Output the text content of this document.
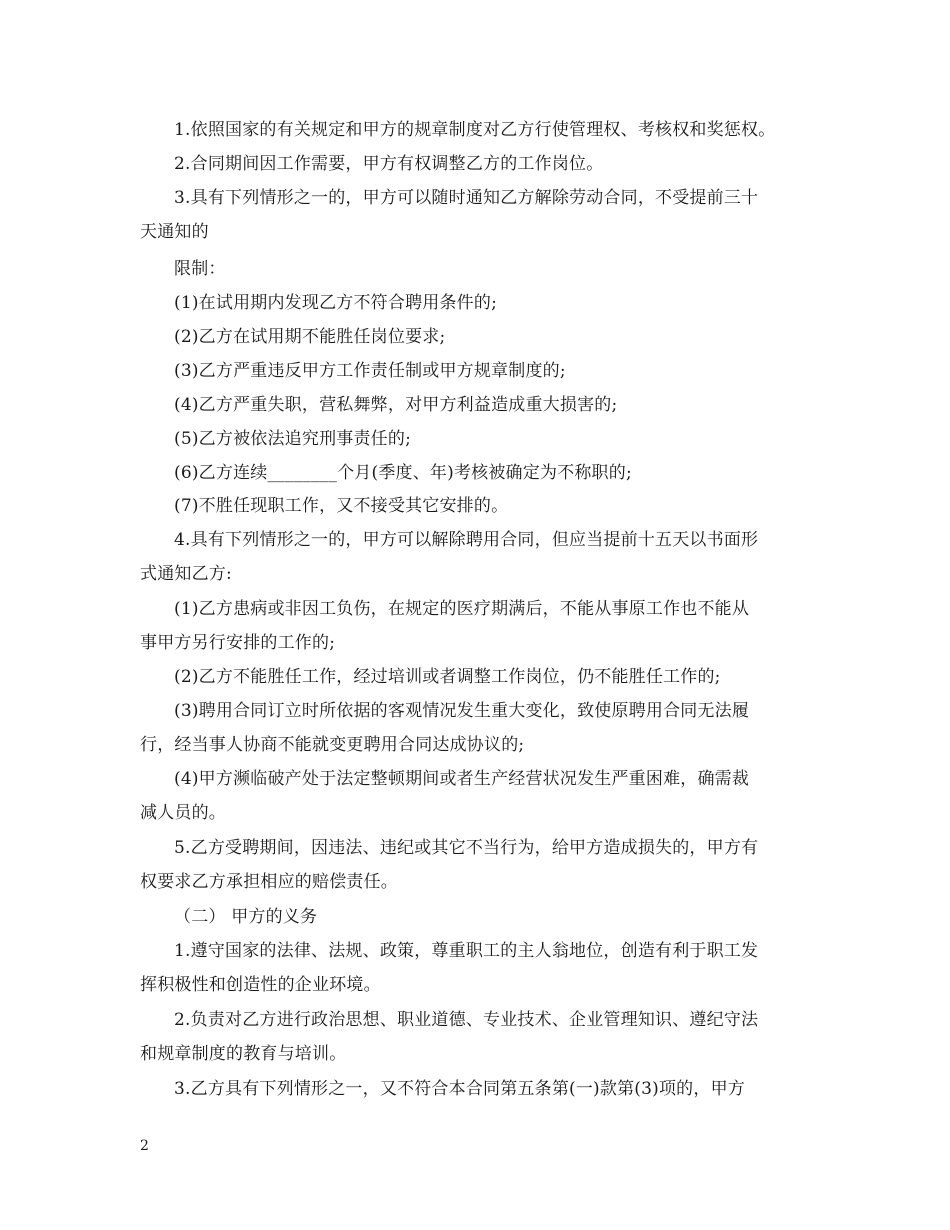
1.依照国家的有关规定和甲方的规章制度对乙方行使管理权、考核权和奖惩权。
2.合同期间因工作需要，甲方有权调整乙方的工作岗位。
3.具有下列情形之一的，甲方可以随时通知乙方解除劳动合同，不受提前三十
天通知的
限制：
(1)在试用期内发现乙方不符合聘用条件的;
(2)乙方在试用期不能胜任岗位要求;
(3)乙方严重违反甲方工作责任制或甲方规章制度的;
(4)乙方严重失职，营私舞弊，对甲方利益造成重大损害的;
(5)乙方被依法追究刑事责任的;
(6)乙方连续________个月(季度、年)考核被确定为不称职的;
(7)不胜任现职工作，又不接受其它安排的。
4.具有下列情形之一的，甲方可以解除聘用合同，但应当提前十五天以书面形
式通知乙方:
(1)乙方患病或非因工负伤，在规定的医疗期满后，不能从事原工作也不能从
事甲方另行安排的工作的;
(2)乙方不能胜任工作，经过培训或者调整工作岗位，仍不能胜任工作的;
(3)聘用合同订立时所依据的客观情况发生重大变化，致使原聘用合同无法履
行，经当事人协商不能就变更聘用合同达成协议的;
(4)甲方濒临破产处于法定整顿期间或者生产经营状况发生严重困难，确需裁
减人员的。
5.乙方受聘期间，因违法、违纪或其它不当行为，给甲方造成损失的，甲方有
权要求乙方承担相应的赔偿责任。
（二） 甲方的义务
1.遵守国家的法律、法规、政策，尊重职工的主人翁地位，创造有利于职工发
挥积极性和创造性的企业环境。
2.负责对乙方进行政治思想、职业道德、专业技术、企业管理知识、遵纪守法
和规章制度的教育与培训。
3.乙方具有下列情形之一，又不符合本合同第五条第(一)款第(3)项的，甲方
2
